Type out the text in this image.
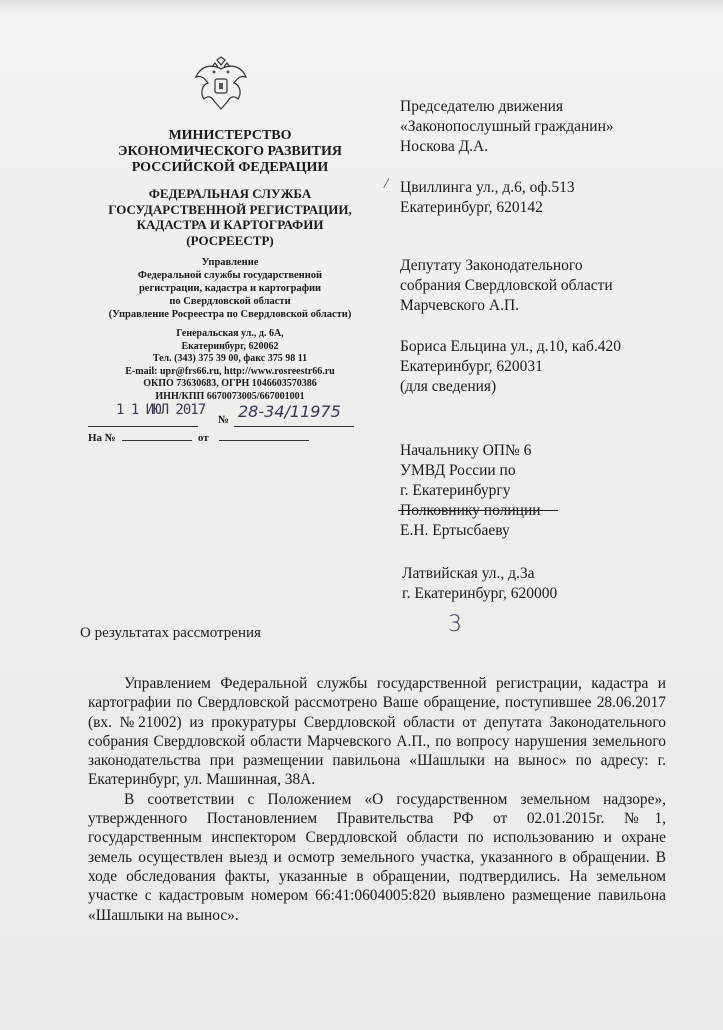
МИНИСТЕРСТВО
ЭКОНОМИЧЕСКОГО РАЗВИТИЯ
РОССИЙСКОЙ ФЕДЕРАЦИИ
ФЕДЕРАЛЬНАЯ СЛУЖБА
ГОСУДАРСТВЕННОЙ РЕГИСТРАЦИИ,
КАДАСТРА И КАРТОГРАФИИ
(РОСРЕЕСТР)
Управление
Федеральной службы государственной
регистрации, кадастра и картографии
по Свердловской области
(Управление Росреестра по Свердловской области)
Генеральская ул., д. 6А,
Екатеринбург, 620062
Тел. (343) 375 39 00, факс 375 98 11
E-mail: upr@frs66.ru, http://www.rosreestr66.ru
ОКПО 73630683, ОГРН 1046603570386
ИНН/КПП 6670073005/667001001
1 1 ИЮЛ 2017
№ 28-34/11975
На №	от
Председателю движения
«Законопослушный гражданин»
Носкова Д.А.
/ Цвиллинга ул., д.6, оф.513
Екатеринбург, 620142
Депутату Законодательного
собрания Свердловской области
Марчевского А.П.
Бориса Ельцина ул., д.10, каб.420
Екатеринбург, 620031
(для сведения)
Начальнику ОП№ 6
УМВД России по
г. Екатеринбургу
Полковнику полиции
Е.Н. Ертысбаеву
Латвийская ул., д.3а
г. Екатеринбург, 620000
3
О результатах рассмотрения

Управлением Федеральной службы государственной регистрации, кадастра и картографии по Свердловской рассмотрено Ваше обращение, поступившее 28.06.2017 (вх. №21002) из прокуратуры Свердловской области от депутата Законодательного собрания Свердловской области Марчевского А.П., по вопросу нарушения земельного законодательства при размещении павильона «Шашлыки на вынос» по адресу: г. Екатеринбург, ул. Машинная, 38А.

В соответствии с Положением «О государственном земельном надзоре», утвержденного Постановлением Правительства РФ от 02.01.2015г. №1, государственным инспектором Свердловской области по использованию и охране земель осуществлен выезд и осмотр земельного участка, указанного в обращении. В ходе обследования факты, указанные в обращении, подтвердились. На земельном участке с кадастровым номером 66:41:0604005:820 выявлено размещение павильона «Шашлыки на вынос».
